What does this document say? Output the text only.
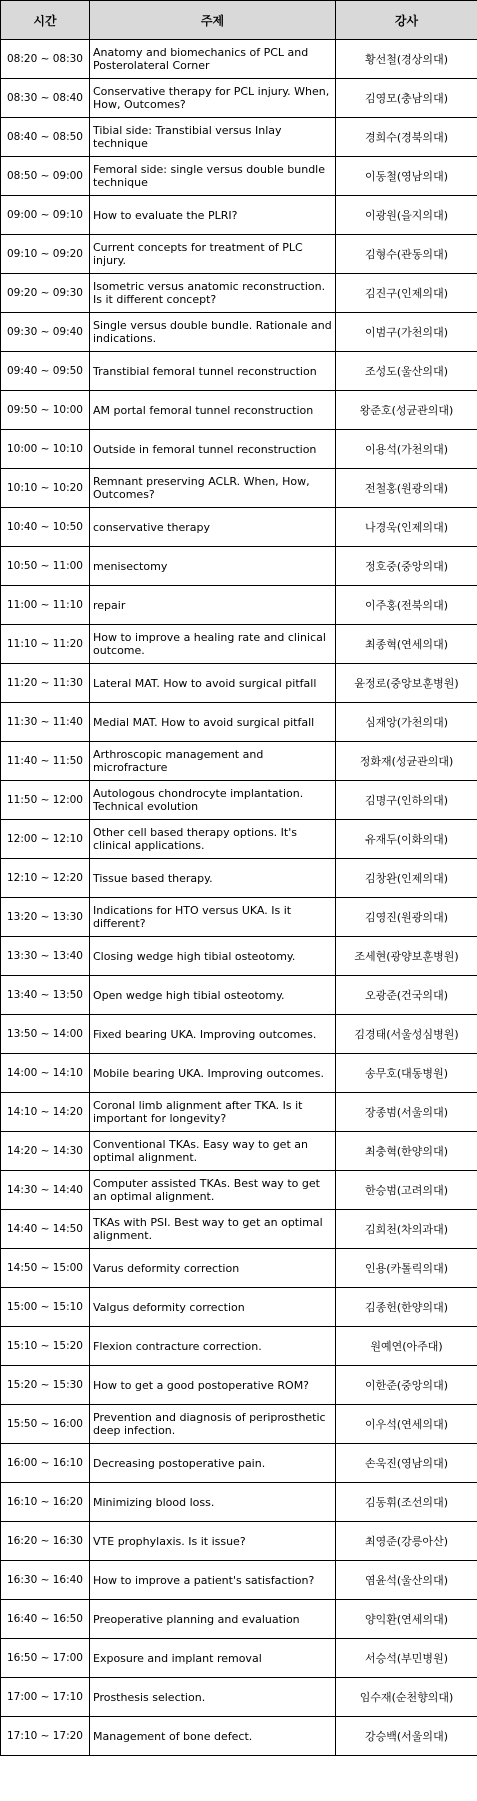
시간	주제	강사
08:20 ~ 08:30	Anatomy and biomechanics of PCL and Posterolateral Corner	황선철(경상의대)
08:30 ~ 08:40	Conservative therapy for PCL injury. When, How, Outcomes?	김영모(충남의대)
08:40 ~ 08:50	Tibial side: Transtibial versus Inlay technique	경희수(경북의대)
08:50 ~ 09:00	Femoral side: single versus double bundle technique	이동철(영남의대)
09:00 ~ 09:10	How to evaluate the PLRI?	이광원(을지의대)
09:10 ~ 09:20	Current concepts for treatment of PLC injury.	김형수(관동의대)
09:20 ~ 09:30	Isometric versus anatomic reconstruction. Is it different concept?	김진구(인제의대)
09:30 ~ 09:40	Single versus double bundle. Rationale and indications.	이범구(가천의대)
09:40 ~ 09:50	Transtibial femoral tunnel reconstruction	조성도(울산의대)
09:50 ~ 10:00	AM portal femoral tunnel reconstruction	왕준호(성균관의대)
10:00 ~ 10:10	Outside in femoral tunnel reconstruction	이용석(가천의대)
10:10 ~ 10:20	Remnant preserving ACLR. When, How, Outcomes?	전철홍(원광의대)
10:40 ~ 10:50	conservative therapy	나경욱(인제의대)
10:50 ~ 11:00	menisectomy	정호중(중앙의대)
11:00 ~ 11:10	repair	이주홍(전북의대)
11:10 ~ 11:20	How to improve a healing rate and clinical outcome.	최종혁(연세의대)
11:20 ~ 11:30	Lateral MAT. How to avoid surgical pitfall	윤정로(중앙보훈병원)
11:30 ~ 11:40	Medial MAT. How to avoid surgical pitfall	심재앙(가천의대)
11:40 ~ 11:50	Arthroscopic management and microfracture	정화재(성균관의대)
11:50 ~ 12:00	Autologous chondrocyte implantation. Technical evolution	김명구(인하의대)
12:00 ~ 12:10	Other cell based therapy options. It's clinical applications.	유재두(이화의대)
12:10 ~ 12:20	Tissue based therapy.	김창완(인제의대)
13:20 ~ 13:30	Indications for HTO versus UKA. Is it different?	김영진(원광의대)
13:30 ~ 13:40	Closing wedge high tibial osteotomy.	조세현(광양보훈병원)
13:40 ~ 13:50	Open wedge high tibial osteotomy.	오광준(건국의대)
13:50 ~ 14:00	Fixed bearing UKA. Improving outcomes.	김경태(서울성심병원)
14:00 ~ 14:10	Mobile bearing UKA. Improving outcomes.	송무호(대동병원)
14:10 ~ 14:20	Coronal limb alignment after TKA. Is it important for longevity?	장종범(서울의대)
14:20 ~ 14:30	Conventional TKAs. Easy way to get an optimal alignment.	최충혁(한양의대)
14:30 ~ 14:40	Computer assisted TKAs. Best way to get an optimal alignment.	한승범(고려의대)
14:40 ~ 14:50	TKAs with PSI. Best way to get an optimal alignment.	김희천(차의과대)
14:50 ~ 15:00	Varus deformity correction	인용(카톨릭의대)
15:00 ~ 15:10	Valgus deformity correction	김종헌(한양의대)
15:10 ~ 15:20	Flexion contracture correction.	원예연(아주대)
15:20 ~ 15:30	How to get a good postoperative ROM?	이한준(중앙의대)
15:50 ~ 16:00	Prevention and diagnosis of periprosthetic deep infection.	이우석(연세의대)
16:00 ~ 16:10	Decreasing postoperative pain.	손욱진(영남의대)
16:10 ~ 16:20	Minimizing blood loss.	김동휘(조선의대)
16:20 ~ 16:30	VTE prophylaxis. Is it issue?	최영준(강릉아산)
16:30 ~ 16:40	How to improve a patient's satisfaction?	염윤석(울산의대)
16:40 ~ 16:50	Preoperative planning and evaluation	양익환(연세의대)
16:50 ~ 17:00	Exposure and implant removal	서승석(부민병원)
17:00 ~ 17:10	Prosthesis selection.	임수재(순천향의대)
17:10 ~ 17:20	Management of bone defect.	강승백(서울의대)
